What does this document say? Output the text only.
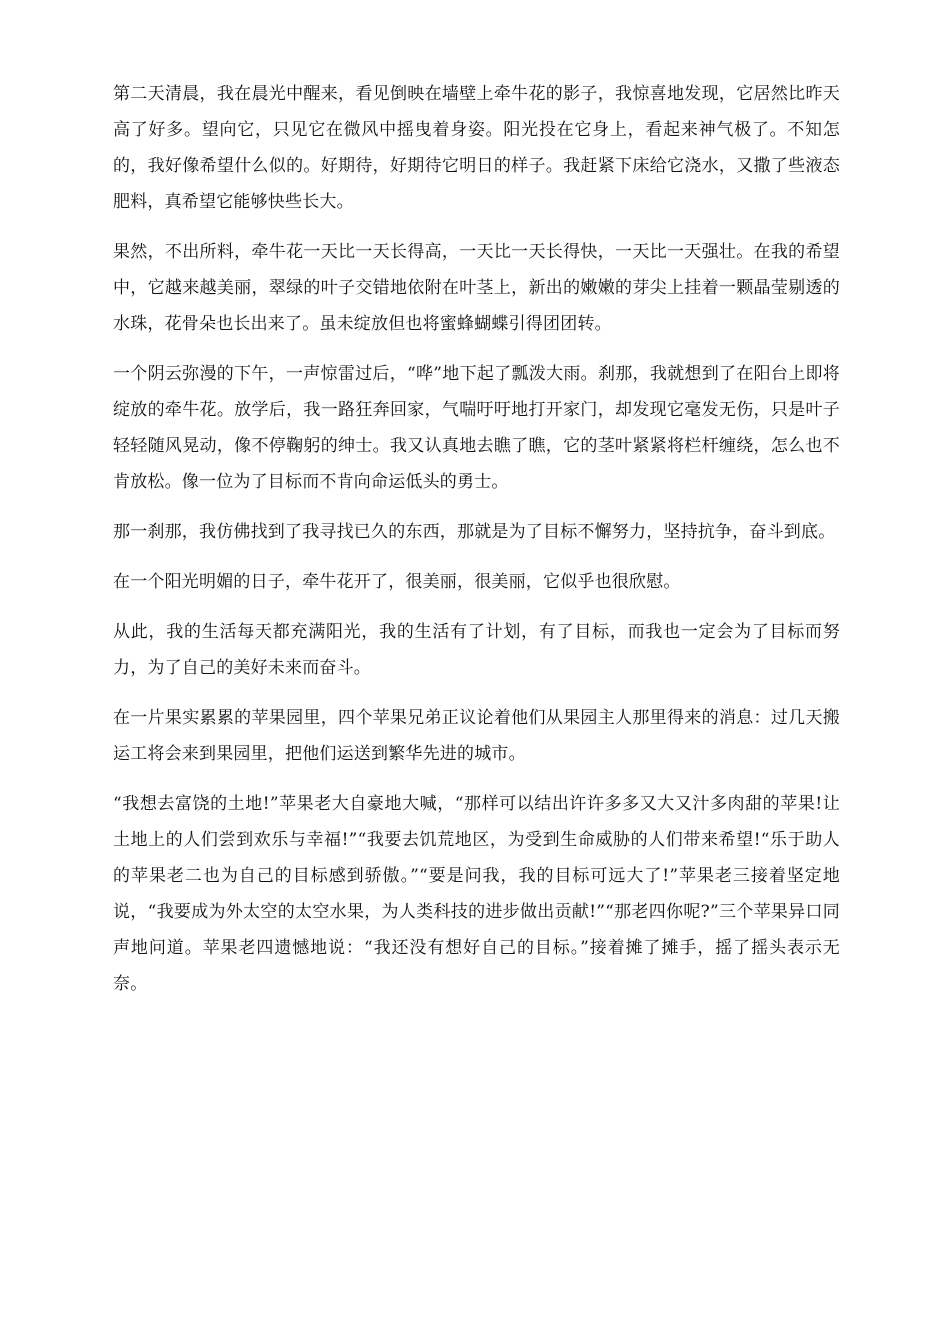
第二天清晨，我在晨光中醒来，看见倒映在墙壁上牵牛花的影子，我惊喜地发现，它居然比昨天高了好多。望向它，只见它在微风中摇曳着身姿。阳光投在它身上，看起来神气极了。不知怎的，我好像希望什么似的。好期待，好期待它明日的样子。我赶紧下床给它浇水，又撒了些液态肥料，真希望它能够快些长大。

果然，不出所料，牵牛花一天比一天长得高，一天比一天长得快，一天比一天强壮。在我的希望中，它越来越美丽，翠绿的叶子交错地依附在叶茎上，新出的嫩嫩的芽尖上挂着一颗晶莹剔透的水珠，花骨朵也长出来了。虽未绽放但也将蜜蜂蝴蝶引得团团转。

一个阴云弥漫的下午，一声惊雷过后，“哗”地下起了瓢泼大雨。刹那，我就想到了在阳台上即将绽放的牵牛花。放学后，我一路狂奔回家，气喘吁吁地打开家门，却发现它毫发无伤，只是叶子轻轻随风晃动，像不停鞠躬的绅士。我又认真地去瞧了瞧，它的茎叶紧紧将栏杆缠绕，怎么也不肯放松。像一位为了目标而不肯向命运低头的勇士。

那一刹那，我仿佛找到了我寻找已久的东西，那就是为了目标不懈努力，坚持抗争，奋斗到底。

在一个阳光明媚的日子，牵牛花开了，很美丽，很美丽，它似乎也很欣慰。

从此，我的生活每天都充满阳光，我的生活有了计划，有了目标，而我也一定会为了目标而努力，为了自己的美好未来而奋斗。

在一片果实累累的苹果园里，四个苹果兄弟正议论着他们从果园主人那里得来的消息：过几天搬运工将会来到果园里，把他们运送到繁华先进的城市。

“我想去富饶的土地!”苹果老大自豪地大喊，“那样可以结出许许多多又大又汁多肉甜的苹果!让土地上的人们尝到欢乐与幸福!”“我要去饥荒地区，为受到生命威胁的人们带来希望!“乐于助人的苹果老二也为自己的目标感到骄傲。”“要是问我，我的目标可远大了!”苹果老三接着坚定地说，“我要成为外太空的太空水果，为人类科技的进步做出贡献!”“那老四你呢?”三个苹果异口同声地问道。苹果老四遗憾地说：“我还没有想好自己的目标。”接着摊了摊手，摇了摇头表示无奈。
